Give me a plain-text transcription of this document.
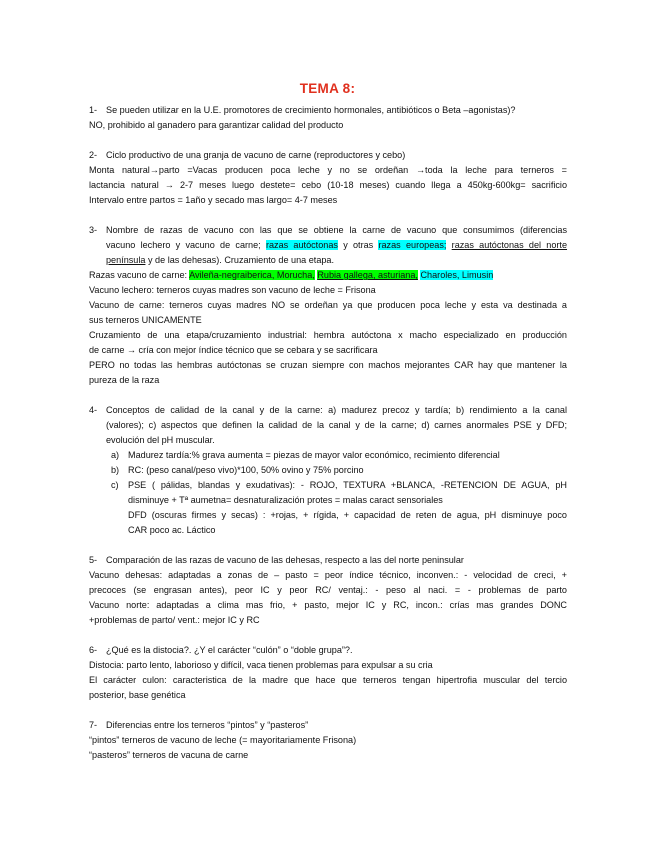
TEMA 8:
1- Se pueden utilizar en la U.E. promotores de crecimiento hormonales, antibióticos o Beta –agonistas)?
NO, prohibido al ganadero para garantizar calidad del producto
2- Ciclo productivo de una granja de vacuno de carne (reproductores y cebo)
Monta natural→parto =Vacas producen poca leche y no se ordeñan →toda la leche para terneros =
lactancia natural → 2-7 meses luego destete= cebo (10-18 meses) cuando llega a 450kg-600kg= sacrificio
Intervalo entre partos = 1año y secado mas largo= 4-7 meses
3- Nombre de razas de vacuno con las que se obtiene la carne de vacuno que consumimos (diferencias
vacuno lechero y vacuno de carne; razas autóctonas y otras razas europeas; razas autóctonas del norte
península y de las dehesas). Cruzamiento de una etapa.
Razas vacuno de carne: Avileña-negraiberica, Morucha, Rubia gallega, asturiana, Charoles, Limusin
Vacuno lechero: terneros cuyas madres son vacuno de leche = Frisona
Vacuno de carne: terneros cuyas madres NO se ordeñan ya que producen poca leche y esta va destinada a
sus terneros UNICAMENTE
Cruzamiento de una etapa/cruzamiento industrial: hembra autóctona x macho especializado en producción
de carne → cría con mejor índice técnico que se cebara y se sacrificara
PERO no todas las hembras autóctonas se cruzan siempre con machos mejorantes CAR hay que mantener la
pureza de la raza
4- Conceptos de calidad de la canal y de la carne: a) madurez precoz y tardía; b) rendimiento a la canal
(valores); c) aspectos que definen la calidad de la canal y de la carne; d) carnes anormales PSE y DFD;
evolución del pH muscular.
a) Madurez tardía:% grava aumenta = piezas de mayor valor económico, recimiento diferencial
b) RC: (peso canal/peso vivo)*100, 50% ovino y 75% porcino
c) PSE ( pálidas, blandas y exudativas): - ROJO, TEXTURA +BLANCA, -RETENCION DE AGUA, pH
disminuye + Tª aumetna= desnaturalización protes = malas caract sensoriales
DFD (oscuras firmes y secas) : +rojas, + rígida, + capacidad de reten de agua, pH disminuye poco
CAR poco ac. Láctico
5- Comparación de las razas de vacuno de las dehesas, respecto a las del norte peninsular
Vacuno dehesas: adaptadas a zonas de – pasto = peor índice técnico, inconven.: - velocidad de creci, +
precoces (se engrasan antes), peor IC y peor RC/ ventaj.: - peso al naci. = - problemas de parto
Vacuno norte: adaptadas a clima mas frio, + pasto, mejor IC y RC, incon.: crías mas grandes DONC
+problemas de parto/ vent.: mejor IC y RC
6- ¿Qué es la distocia?. ¿Y el carácter “culón” o “doble grupa”?.
Distocia: parto lento, laborioso y difícil, vaca tienen problemas para expulsar a su cria
El carácter culon: caracteristica de la madre que hace que terneros tengan hipertrofia muscular del tercio
posterior, base genética
7- Diferencias entre los terneros “pintos” y “pasteros”
“pintos” terneros de vacuno de leche (= mayoritariamente Frisona)
“pasteros” terneros de vacuna de carne
